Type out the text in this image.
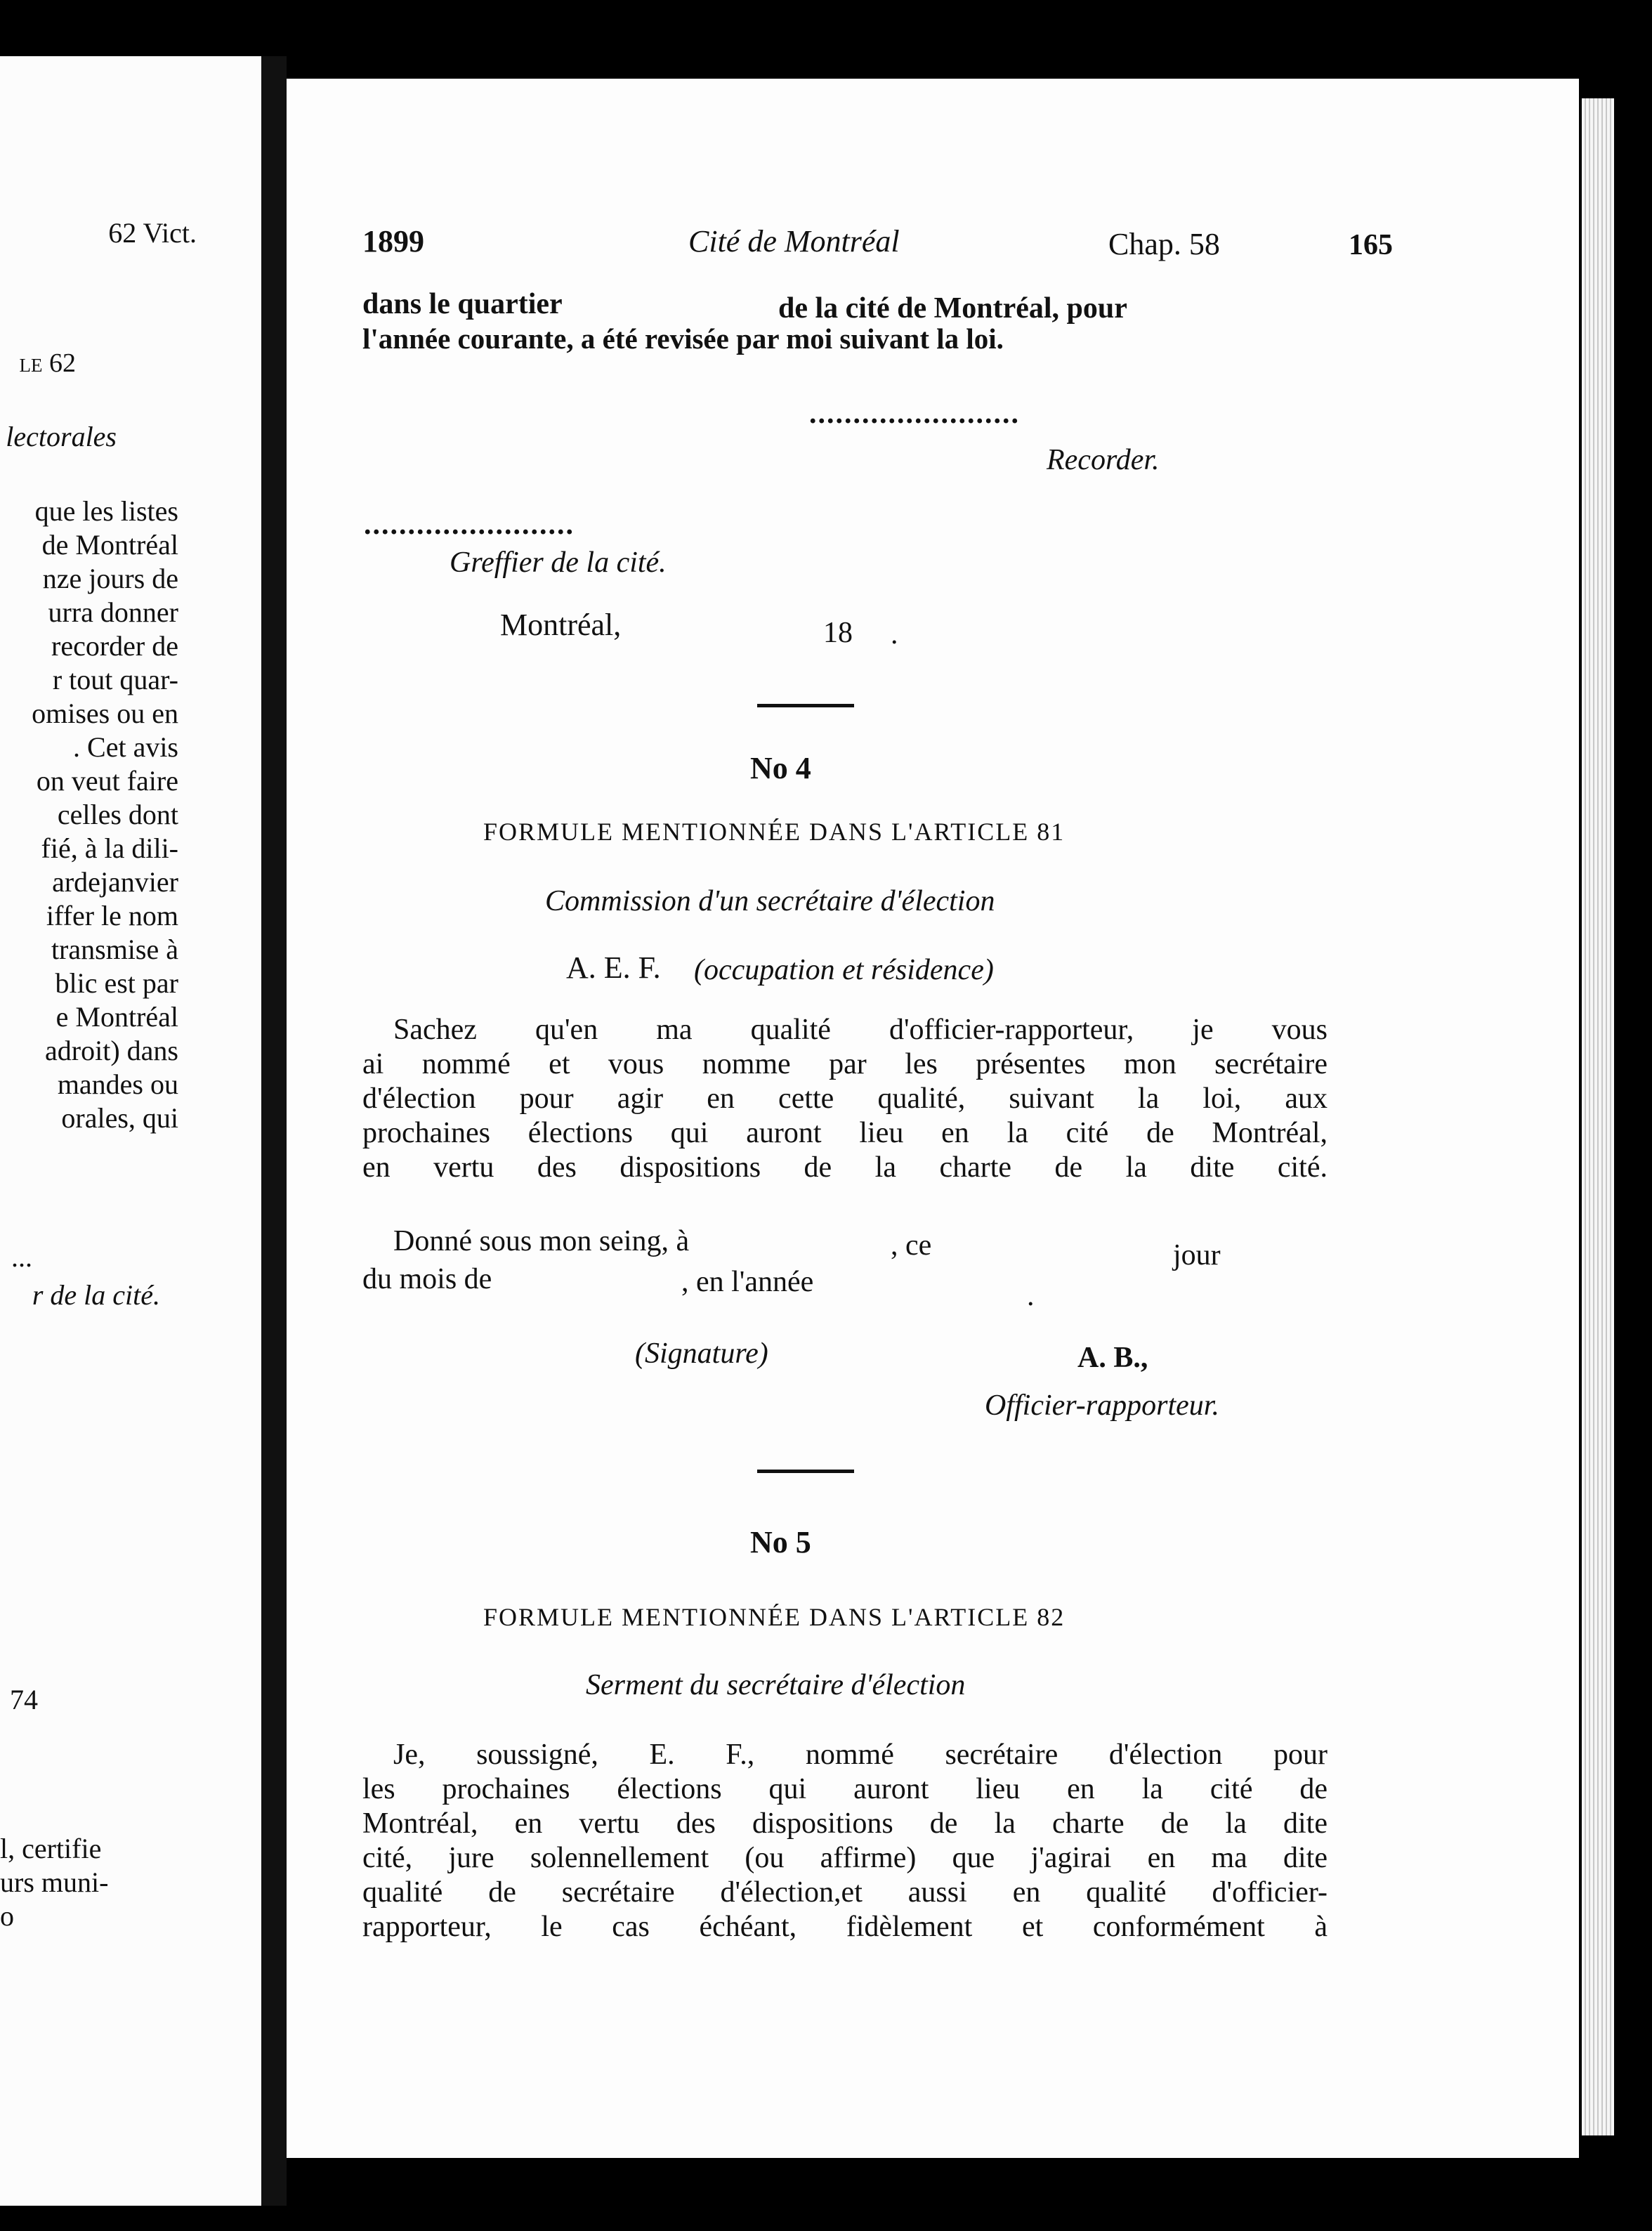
62 Vict.
le 62
lectorales
que les listes
de Montréal
nze jours de
urra donner
recorder de
r tout quar-
omises ou en
. Cet avis
on veut faire
celles dont
fié, à la dili-
ardejanvier
iffer le nom
transmise à
blic est par
e Montréal
adroit) dans
mandes ou
orales, qui
...
r de la cité.
74
l, certifie
urs muni-
o
1899	Cité de Montréal	Chap. 58	165
dans le quartier	de la cité de Montréal, pour
l'année courante, a été revisée par moi suivant la loi.
........................
Recorder.
........................
Greffier de la cité.
Montréal,	18 .
No 4
FORMULE MENTIONNÉE DANS L'ARTICLE 81
Commission d'un secrétaire d'élection
A. E. F. (occupation et résidence)
Sachez qu'en ma qualité d'officier-rapporteur, je vous
ai nommé et vous nomme par les présentes mon secrétaire
d'élection pour agir en cette qualité, suivant la loi, aux
prochaines élections qui auront lieu en la cité de Montréal,
en vertu des dispositions de la charte de la dite cité.
Donné sous mon seing, à	, ce	jour
du mois de	, en l'année	.
(Signature)	A. B.,
Officier-rapporteur.
No 5
FORMULE MENTIONNÉE DANS L'ARTICLE 82
Serment du secrétaire d'élection
Je, soussigné, E. F., nommé secrétaire d'élection pour
les prochaines élections qui auront lieu en la cité de
Montréal, en vertu des dispositions de la charte de la dite
cité, jure solennellement (ou affirme) que j'agirai en ma dite
qualité de secrétaire d'élection,et aussi en qualité d'officier-
rapporteur, le cas échéant, fidèlement et conformément à
